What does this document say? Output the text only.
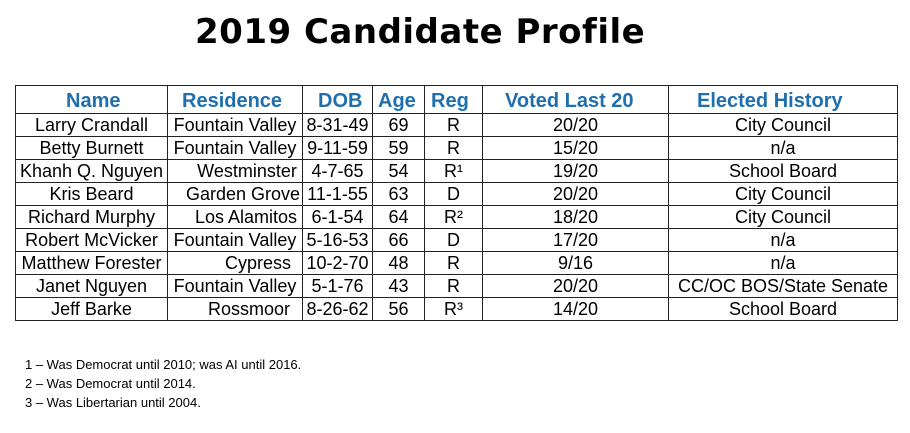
2019 Candidate Profile
Name	Residence	DOB	Age	Reg	Voted Last 20	Elected History
Larry Crandall	Fountain Valley	8-31-49	69	R	20/20	City Council
Betty Burnett	Fountain Valley	9-11-59	59	R	15/20	n/a
Khanh Q. Nguyen	Westminster	4-7-65	54	R¹	19/20	School Board
Kris Beard	Garden Grove	11-1-55	63	D	20/20	City Council
Richard Murphy	Los Alamitos	6-1-54	64	R²	18/20	City Council
Robert McVicker	Fountain Valley	5-16-53	66	D	17/20	n/a
Matthew Forester	Cypress	10-2-70	48	R	9/16	n/a
Janet Nguyen	Fountain Valley	5-1-76	43	R	20/20	CC/OC BOS/State Senate
Jeff Barke	Rossmoor	8-26-62	56	R³	14/20	School Board
1 – Was Democrat until 2010; was AI until 2016.
2 – Was Democrat until 2014.
3 – Was Libertarian until 2004.
